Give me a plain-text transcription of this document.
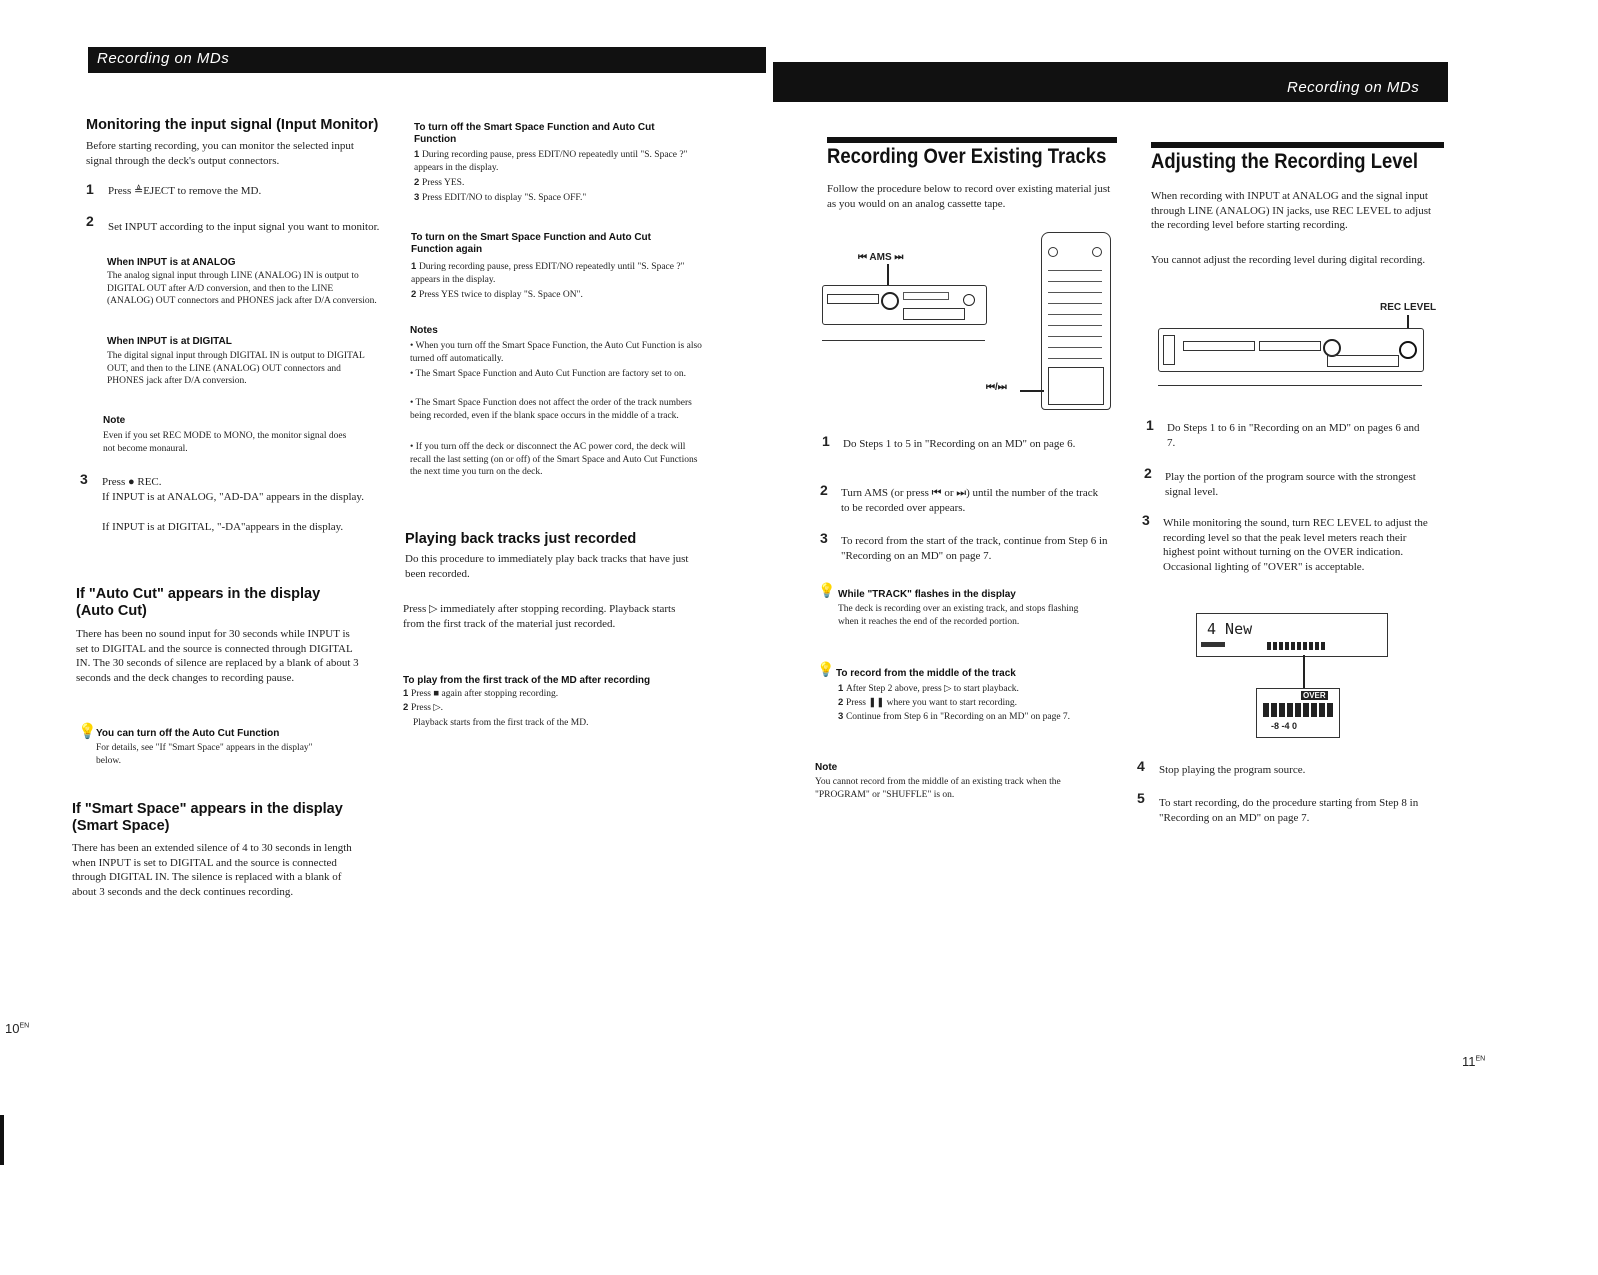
Recording on MDs
Recording on MDs
Monitoring the input signal (Input Monitor)
Before starting recording, you can monitor the selected input signal through the deck's output connectors.
1 Press ≜EJECT to remove the MD.
2 Set INPUT according to the input signal you want to monitor.
When INPUT is at ANALOG
The analog signal input through LINE (ANALOG) IN is output to DIGITAL OUT after A/D conversion, and then to the LINE (ANALOG) OUT connectors and PHONES jack after D/A conversion.
When INPUT is at DIGITAL
The digital signal input through DIGITAL IN is output to DIGITAL OUT, and then to the LINE (ANALOG) OUT connectors and PHONES jack after D/A conversion.
Note
Even if you set REC MODE to MONO, the monitor signal does not become monaural.
3 Press ● REC.
If INPUT is at ANALOG, "AD-DA" appears in the display.
If INPUT is at DIGITAL, "-DA"appears in the display.
If "Auto Cut" appears in the display (Auto Cut)
There has been no sound input for 30 seconds while INPUT is set to DIGITAL and the source is connected through DIGITAL IN. The 30 seconds of silence are replaced by a blank of about 3 seconds and the deck changes to recording pause.
💡 You can turn off the Auto Cut Function
For details, see "If "Smart Space" appears in the display" below.
If "Smart Space" appears in the display (Smart Space)
There has been an extended silence of 4 to 30 seconds in length when INPUT is set to DIGITAL and the source is connected through DIGITAL IN. The silence is replaced with a blank of about 3 seconds and the deck continues recording.
To turn off the Smart Space Function and Auto Cut Function
1 During recording pause, press EDIT/NO repeatedly until "S. Space ?" appears in the display.
2 Press YES.
3 Press EDIT/NO to display "S. Space OFF."
To turn on the Smart Space Function and Auto Cut Function again
1 During recording pause, press EDIT/NO repeatedly until "S. Space ?" appears in the display.
2 Press YES twice to display "S. Space ON".
Notes
• When you turn off the Smart Space Function, the Auto Cut Function is also turned off automatically.
• The Smart Space Function and Auto Cut Function are factory set to on.
• The Smart Space Function does not affect the order of the track numbers being recorded, even if the blank space occurs in the middle of a track.
• If you turn off the deck or disconnect the AC power cord, the deck will recall the last setting (on or off) of the Smart Space and Auto Cut Functions the next time you turn on the deck.
Playing back tracks just recorded
Do this procedure to immediately play back tracks that have just been recorded.
Press ▷ immediately after stopping recording. Playback starts from the first track of the material just recorded.
To play from the first track of the MD after recording
1 Press ■ again after stopping recording.
2 Press ▷.
Playback starts from the first track of the MD.
Recording Over Existing Tracks
Follow the procedure below to record over existing material just as you would on an analog cassette tape.
⏮ AMS ⏭
⏮/⏭
1 Do Steps 1 to 5 in "Recording on an MD" on page 6.
2 Turn AMS (or press ⏮ or ⏭) until the number of the track to be recorded over appears.
3 To record from the start of the track, continue from Step 6 in "Recording on an MD" on page 7.
💡 While "TRACK" flashes in the display
The deck is recording over an existing track, and stops flashing when it reaches the end of the recorded portion.
💡 To record from the middle of the track
1 After Step 2 above, press ▷ to start playback.
2 Press ❚❚ where you want to start recording.
3 Continue from Step 6 in "Recording on an MD" on page 7.
Note
You cannot record from the middle of an existing track when the "PROGRAM" or "SHUFFLE" is on.
Adjusting the Recording Level
When recording with INPUT at ANALOG and the signal input through LINE (ANALOG) IN jacks, use REC LEVEL to adjust the recording level before starting recording.
You cannot adjust the recording level during digital recording.
REC LEVEL
1 Do Steps 1 to 6 in "Recording on an MD" on pages 6 and 7.
2 Play the portion of the program source with the strongest signal level.
3 While monitoring the sound, turn REC LEVEL to adjust the recording level so that the peak level meters reach their highest point without turning on the OVER indication. Occasional lighting of "OVER" is acceptable.
4 New
OVER
-8 -4 0
4 Stop playing the program source.
5 To start recording, do the procedure starting from Step 8 in "Recording on an MD" on page 7.
$10^{EN}$
$11^{EN}$
